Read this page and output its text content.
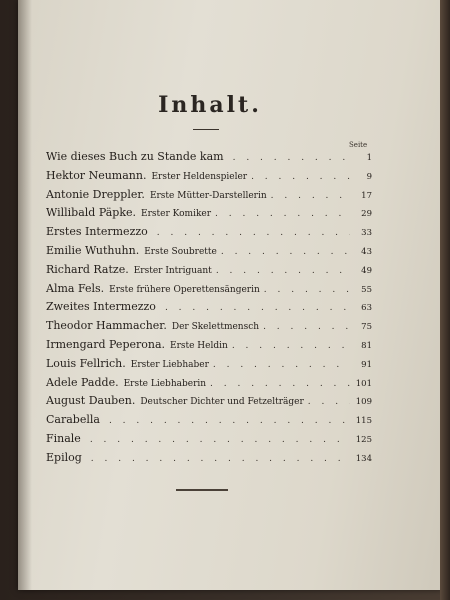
Inhalt.
Seite
Wie dieses Buch zu Stande kam . . .	1
Hektor Neumann. Erster Heldenspieler . . .	9
Antonie Dreppler. Erste Mütter-Darstellerin . . .	17
Willibald Päpke. Erster Komiker . . .	29
Erstes Intermezzo . . .	33
Emilie Wuthuhn. Erste Soubrette . . .	43
Richard Ratze. Erster Intriguant . . .	49
Alma Fels. Erste frühere Operettensängerin . . .	55
Zweites Intermezzo . . .	63
Theodor Hammacher. Der Skelettmensch . . .	75
Irmengard Peperona. Erste Heldin . . .	81
Louis Fellrich. Erster Liebhaber . . .	91
Adele Padde. Erste Liebhaberin . . .	101
August Dauben. Deutscher Dichter und Fetzelträger . . .	109
Carabella . . .	115
Finale . . .	125
Epilog . . .	134
